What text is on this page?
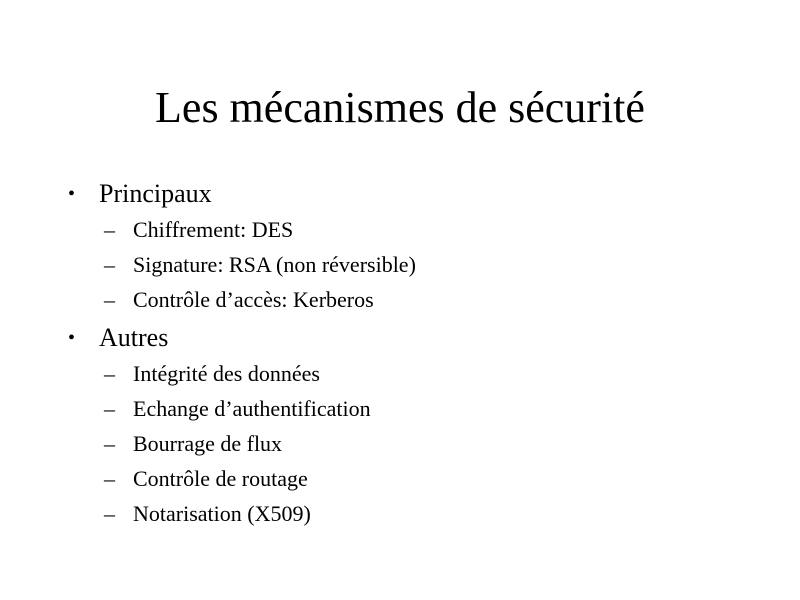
Les mécanismes de sécurité
• Principaux
– Chiffrement: DES
– Signature: RSA (non réversible)
– Contrôle d’accès: Kerberos
• Autres
– Intégrité des données
– Echange d’authentification
– Bourrage de flux
– Contrôle de routage
– Notarisation (X509)
